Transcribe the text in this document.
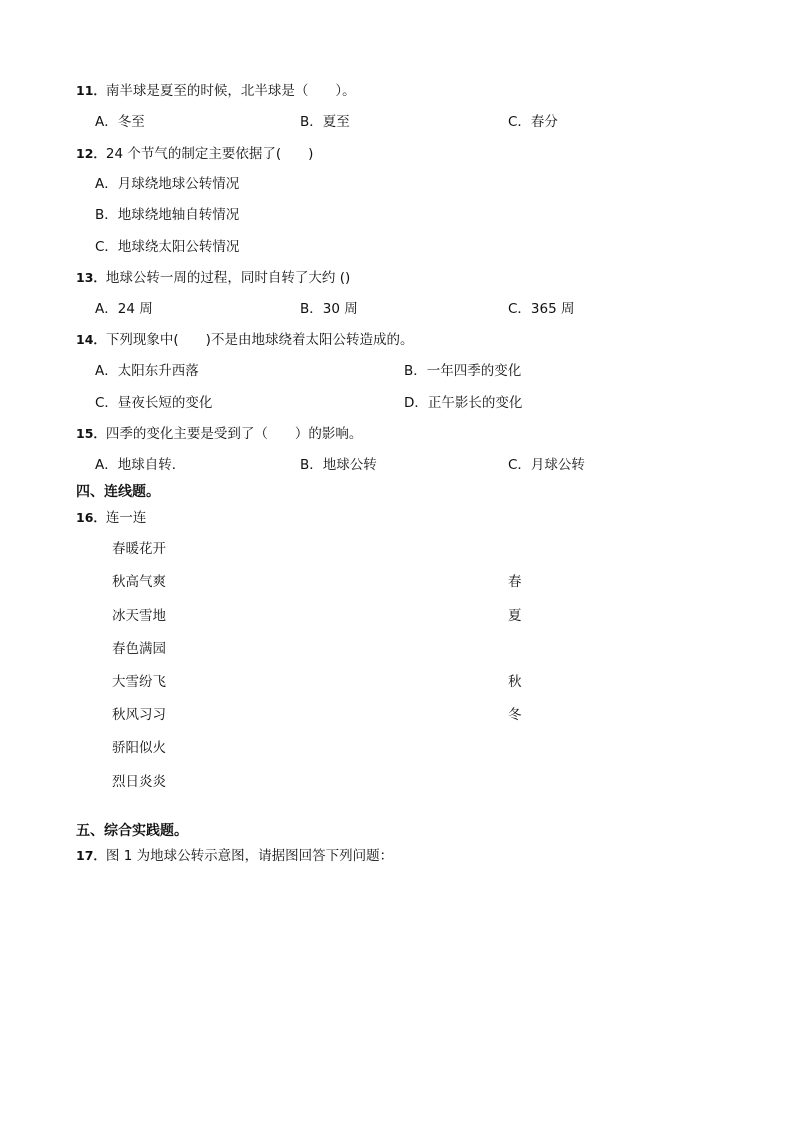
11．南半球是夏至的时候，北半球是（　　）。
A．冬至	B．夏至	C．春分
12．24 个节气的制定主要依据了(　　)
A．月球绕地球公转情况
B．地球绕地轴自转情况
C．地球绕太阳公转情况
13．地球公转一周的过程，同时自转了大约 ()
A．24 周	B．30 周	C．365 周
14．下列现象中(　　)不是由地球绕着太阳公转造成的。
A．太阳东升西落	B．一年四季的变化
C．昼夜长短的变化	D．正午影长的变化
15．四季的变化主要是受到了（　　）的影响。
A．地球自转．	B．地球公转	C．月球公转
四、连线题。
16．连一连
春暖花开
秋高气爽
冰天雪地
春色满园
大雪纷飞
秋风习习
骄阳似火
烈日炎炎
春
夏
秋
冬
五、综合实践题。
17．图 1 为地球公转示意图，请据图回答下列问题：
